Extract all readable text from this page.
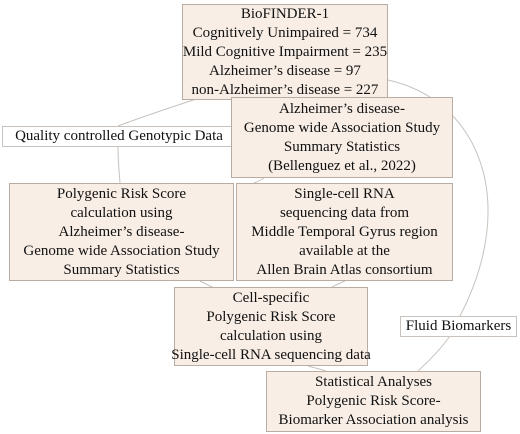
BioFINDER-1
Cognitively Unimpaired = 734
Mild Cognitive Impairment = 235
Alzheimer’s disease = 97
non-Alzheimer’s disease = 227
Quality controlled Genotypic Data
Alzheimer’s disease-
Genome wide Association Study
Summary Statistics
(Bellenguez et al., 2022)
Polygenic Risk Score
calculation using
Alzheimer’s disease-
Genome wide Association Study
Summary Statistics
Single-cell RNA
sequencing data from
Middle Temporal Gyrus region
available at the
Allen Brain Atlas consortium
Cell-specific
Polygenic Risk Score
calculation using
Single-cell RNA sequencing data
Fluid Biomarkers
Statistical Analyses
Polygenic Risk Score-
Biomarker Association analysis
